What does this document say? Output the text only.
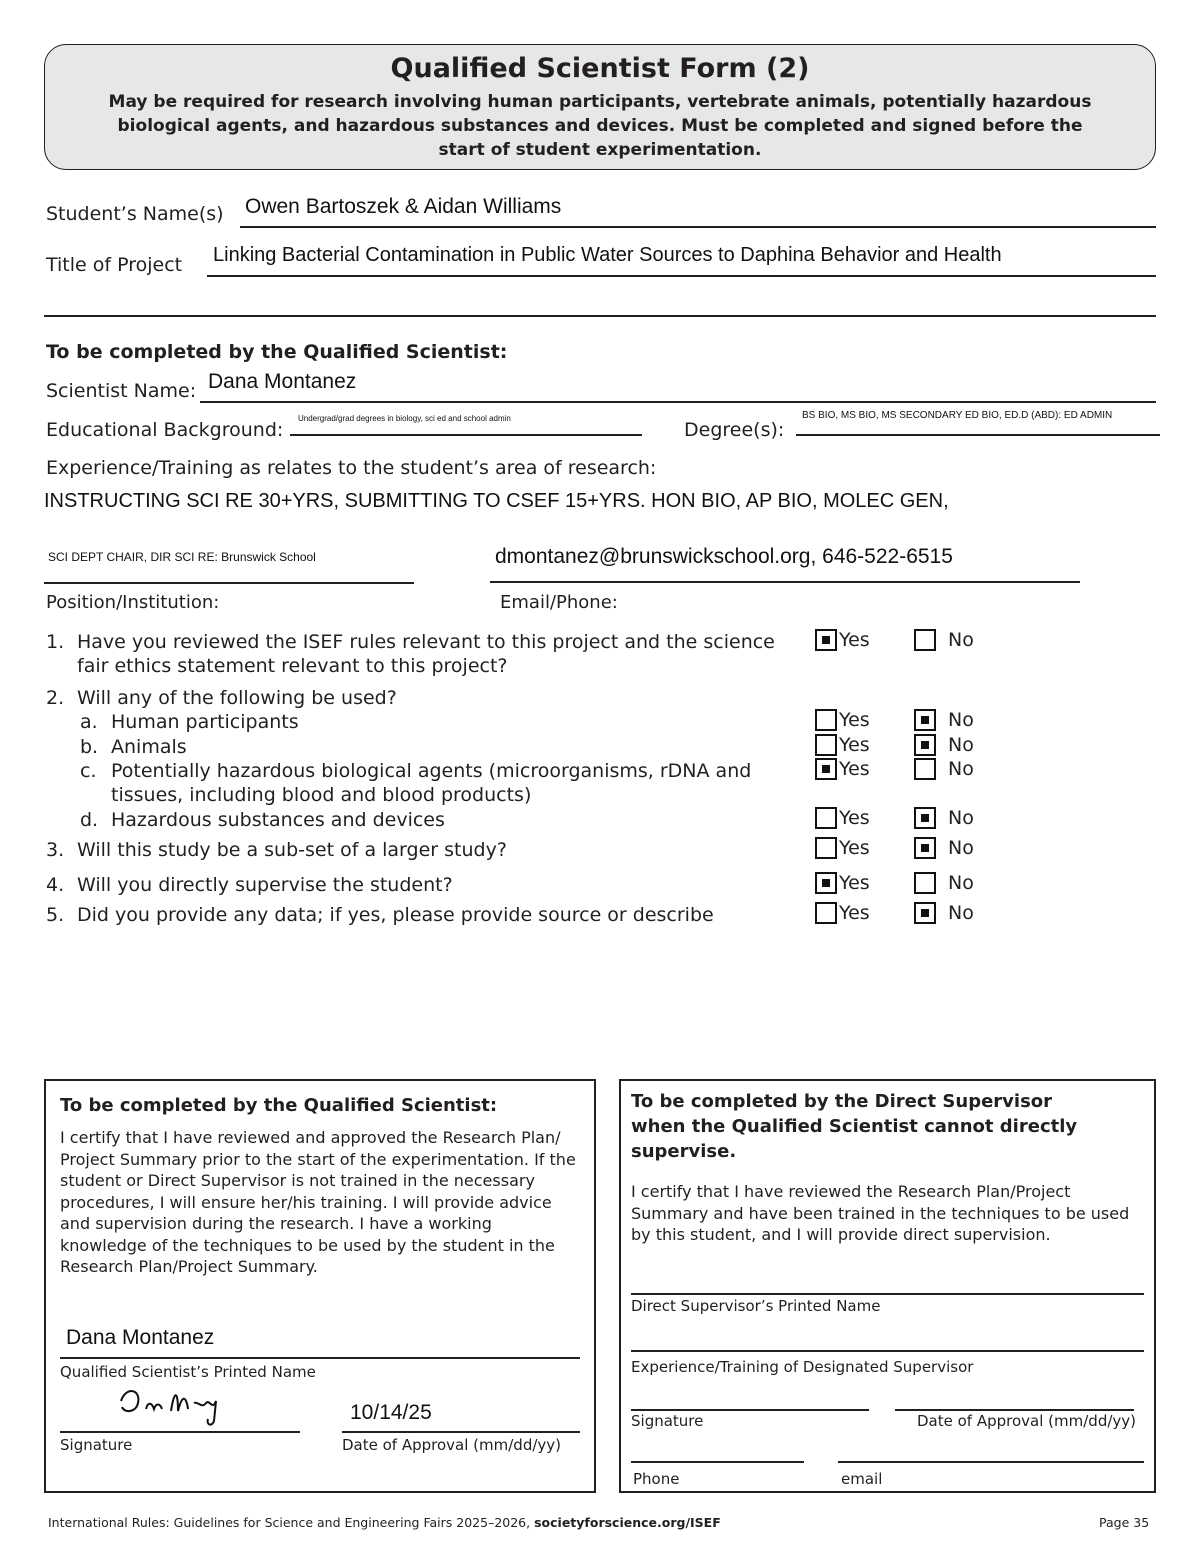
Qualified Scientist Form (2)

May be required for research involving human participants, vertebrate animals, potentially hazardous biological agents, and hazardous substances and devices. Must be completed and signed before the start of student experimentation.

Student’s Name(s) Owen Bartoszek & Aidan Williams
Title of Project Linking Bacterial Contamination in Public Water Sources to Daphina Behavior and Health
To be completed by the Qualified Scientist:
Scientist Name: Dana Montanez
Educational Background:
Undergrad/grad degrees in biology, sci ed and school admin
Degree(s):
BS BIO, MS BIO, MS SECONDARY ED BIO, ED.D (ABD): ED ADMIN
Experience/Training as relates to the student’s area of research:
INSTRUCTING SCI RE 30+YRS, SUBMITTING TO CSEF 15+YRS. HON BIO, AP BIO, MOLEC GEN,
SCI DEPT CHAIR, DIR SCI RE: Brunswick School	dmontanez@brunswickschool.org, 646-522-6515
Position/Institution:	Email/Phone:
1. Have you reviewed the ISEF rules relevant to this project and the science fair ethics statement relevant to this project?
Yes	No
2. Will any of the following be used?
a. Human participants	Yes	No
b. Animals	Yes	No
c. Potentially hazardous biological agents (microorganisms, rDNA and tissues, including blood and blood products)
Yes	No
d. Hazardous substances and devices	Yes	No
3. Will this study be a sub-set of a larger study?	Yes	No
4. Will you directly supervise the student?	Yes	No
5. Did you provide any data; if yes, please provide source or describe	Yes	No
To be completed by the Qualified Scientist:
I certify that I have reviewed and approved the Research Plan/ Project Summary prior to the start of the experimentation. If the student or Direct Supervisor is not trained in the necessary procedures, I will ensure her/his training. I will provide advice and supervision during the research. I have a working knowledge of the techniques to be used by the student in the Research Plan/Project Summary.
Dana Montanez
Qualified Scientist’s Printed Name
Signature
10/14/25
Date of Approval (mm/dd/yy)
To be completed by the Direct Supervisor when the Qualified Scientist cannot directly supervise.
I certify that I have reviewed the Research Plan/Project Summary and have been trained in the techniques to be used by this student, and I will provide direct supervision.
Direct Supervisor’s Printed Name
Experience/Training of Designated Supervisor
Signature	Date of Approval (mm/dd/yy)
Phone	email
International Rules: Guidelines for Science and Engineering Fairs 2025–2026, societyforscience.org/ISEF	Page 35
